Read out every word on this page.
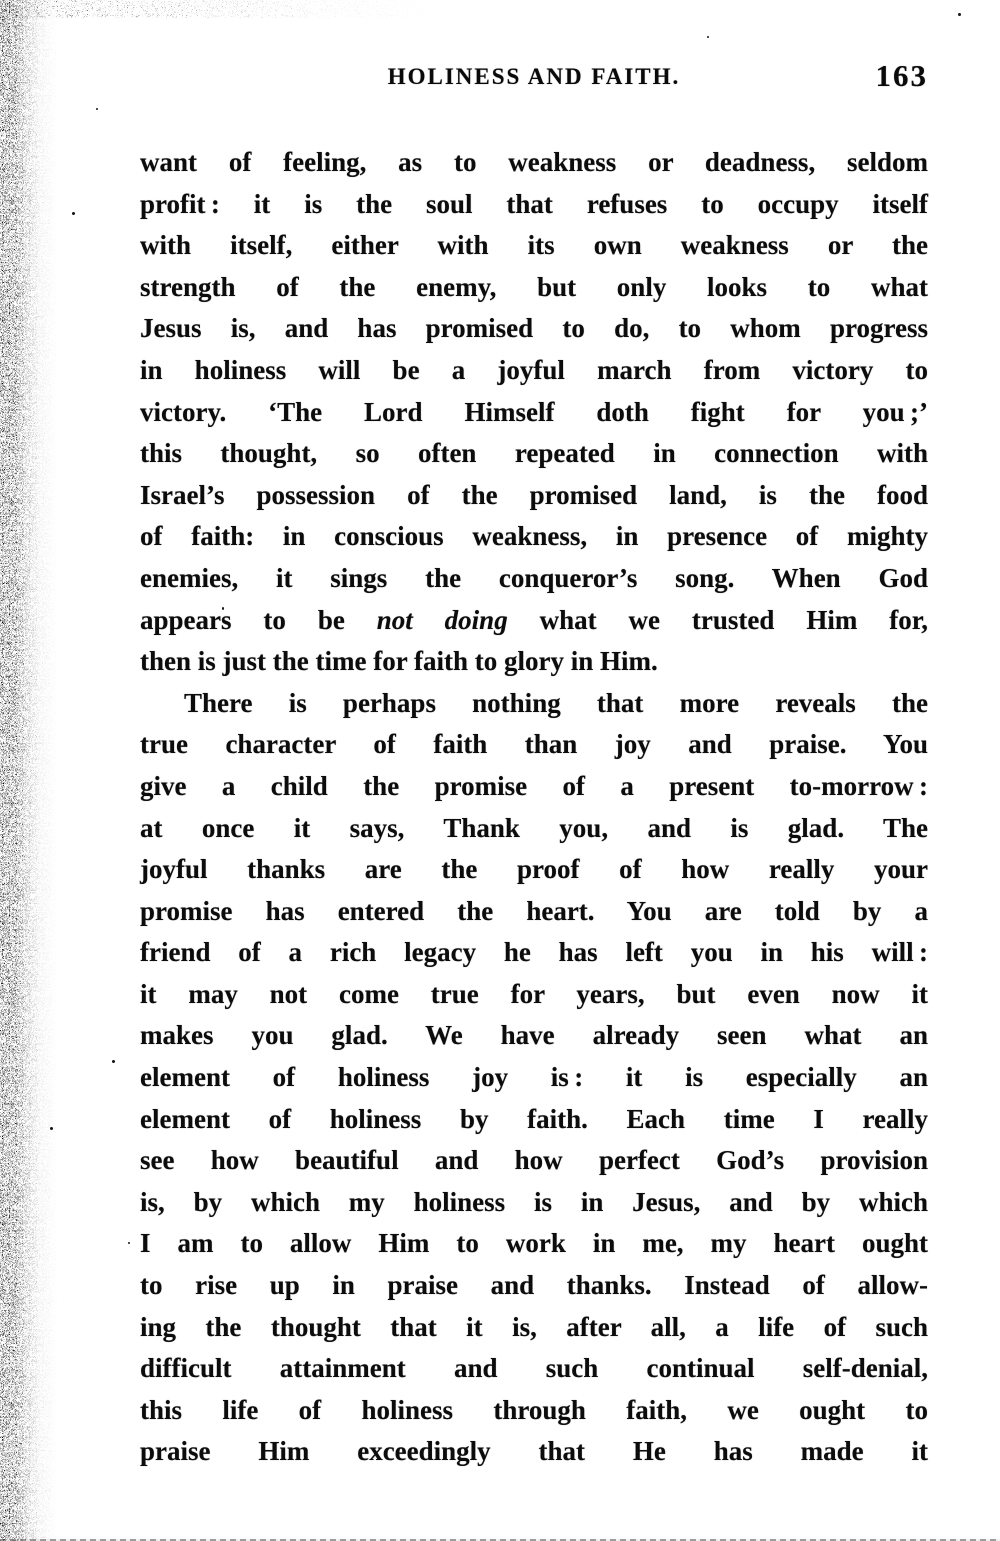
HOLINESS AND FAITH.	163
want of feeling, as to weakness or deadness, seldom
profit : it is the soul that refuses to occupy itself
with itself, either with its own weakness or the
strength of the enemy, but only looks to what
Jesus is, and has promised to do, to whom progress
in holiness will be a joyful march from victory to
victory. ‘The Lord Himself doth fight for you ;’
this thought, so often repeated in connection with
Israel’s possession of the promised land, is the food
of faith: in conscious weakness, in presence of mighty
enemies, it sings the conqueror’s song. When God
appears to be not doing what we trusted Him for,
then is just the time for faith to glory in Him.
There is perhaps nothing that more reveals the
true character of faith than joy and praise. You
give a child the promise of a present to-morrow :
at once it says, Thank you, and is glad. The
joyful thanks are the proof of how really your
promise has entered the heart. You are told by a
friend of a rich legacy he has left you in his will :
it may not come true for years, but even now it
makes you glad. We have already seen what an
element of holiness joy is : it is especially an
element of holiness by faith. Each time I really
see how beautiful and how perfect God’s provision
is, by which my holiness is in Jesus, and by which
I am to allow Him to work in me, my heart ought
to rise up in praise and thanks. Instead of allow-
ing the thought that it is, after all, a life of such
difficult attainment and such continual self-denial,
this life of holiness through faith, we ought to
praise Him exceedingly that He has made it
